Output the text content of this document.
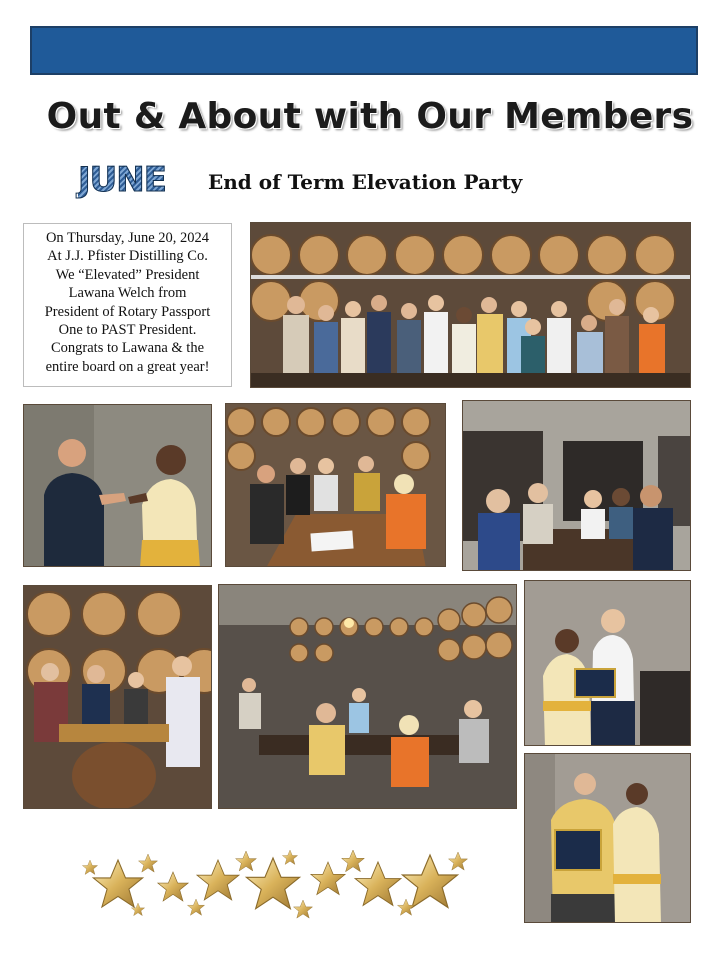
Out & About with Our Members
JUNE End of Term Elevation Party
On Thursday, June 20, 2024
At J.J. Pfister Distilling Co.
We “Elevated” President
Lawana Welch from
President of Rotary Passport
One to PAST President.
Congrats to Lawana & the
entire board on a great year!
